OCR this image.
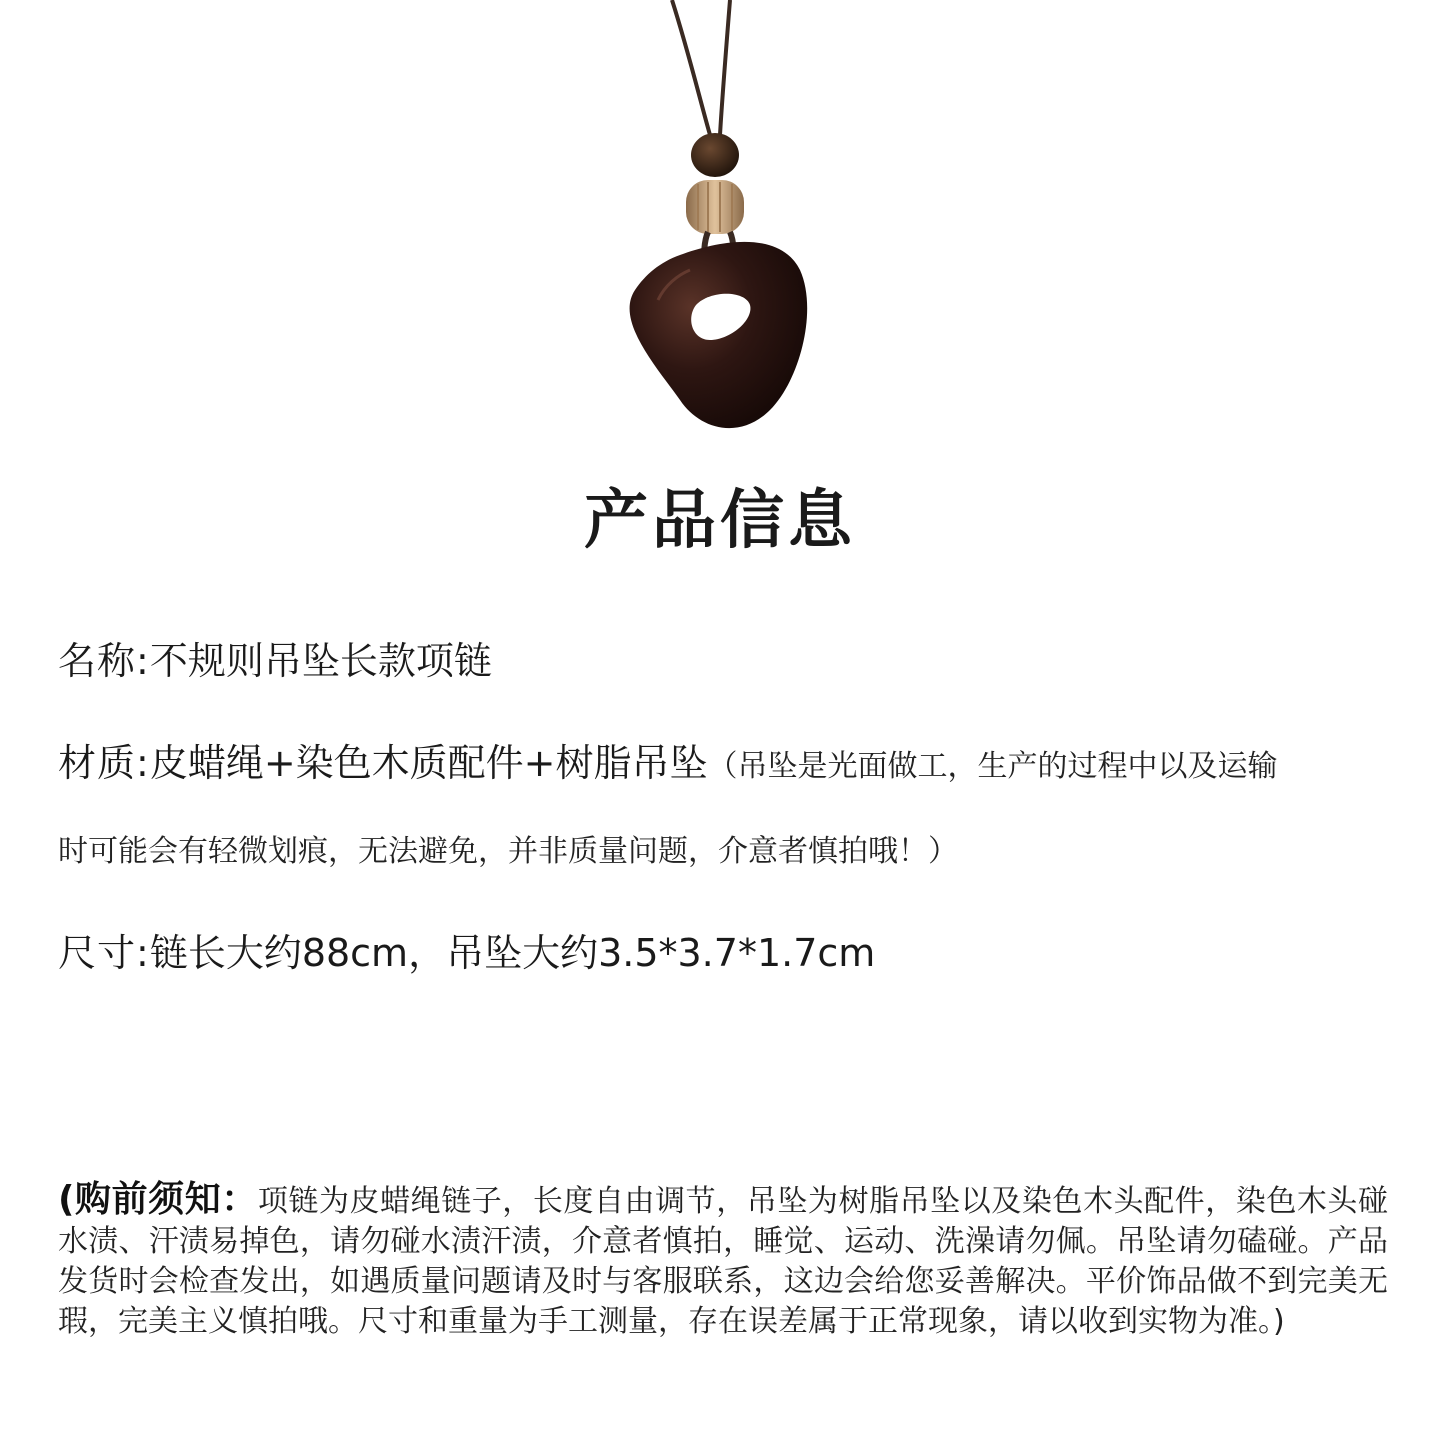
产品信息
名称:不规则吊坠长款项链
材质:皮蜡绳+染色木质配件+树脂吊坠（吊坠是光面做工，生产的过程中以及运输
时可能会有轻微划痕，无法避免，并非质量问题，介意者慎拍哦！）
尺寸:链长大约88cm，吊坠大约3.5*3.7*1.7cm
(购前须知：项链为皮蜡绳链子，长度自由调节，吊坠为树脂吊坠以及染色木头配件，染色木头碰水渍、汗渍易掉色，请勿碰水渍汗渍，介意者慎拍，睡觉、运动、洗澡请勿佩。吊坠请勿磕碰。产品发货时会检查发出，如遇质量问题请及时与客服联系，这边会给您妥善解决。平价饰品做不到完美无瑕，完美主义慎拍哦。尺寸和重量为手工测量，存在误差属于正常现象，请以收到实物为准。)
